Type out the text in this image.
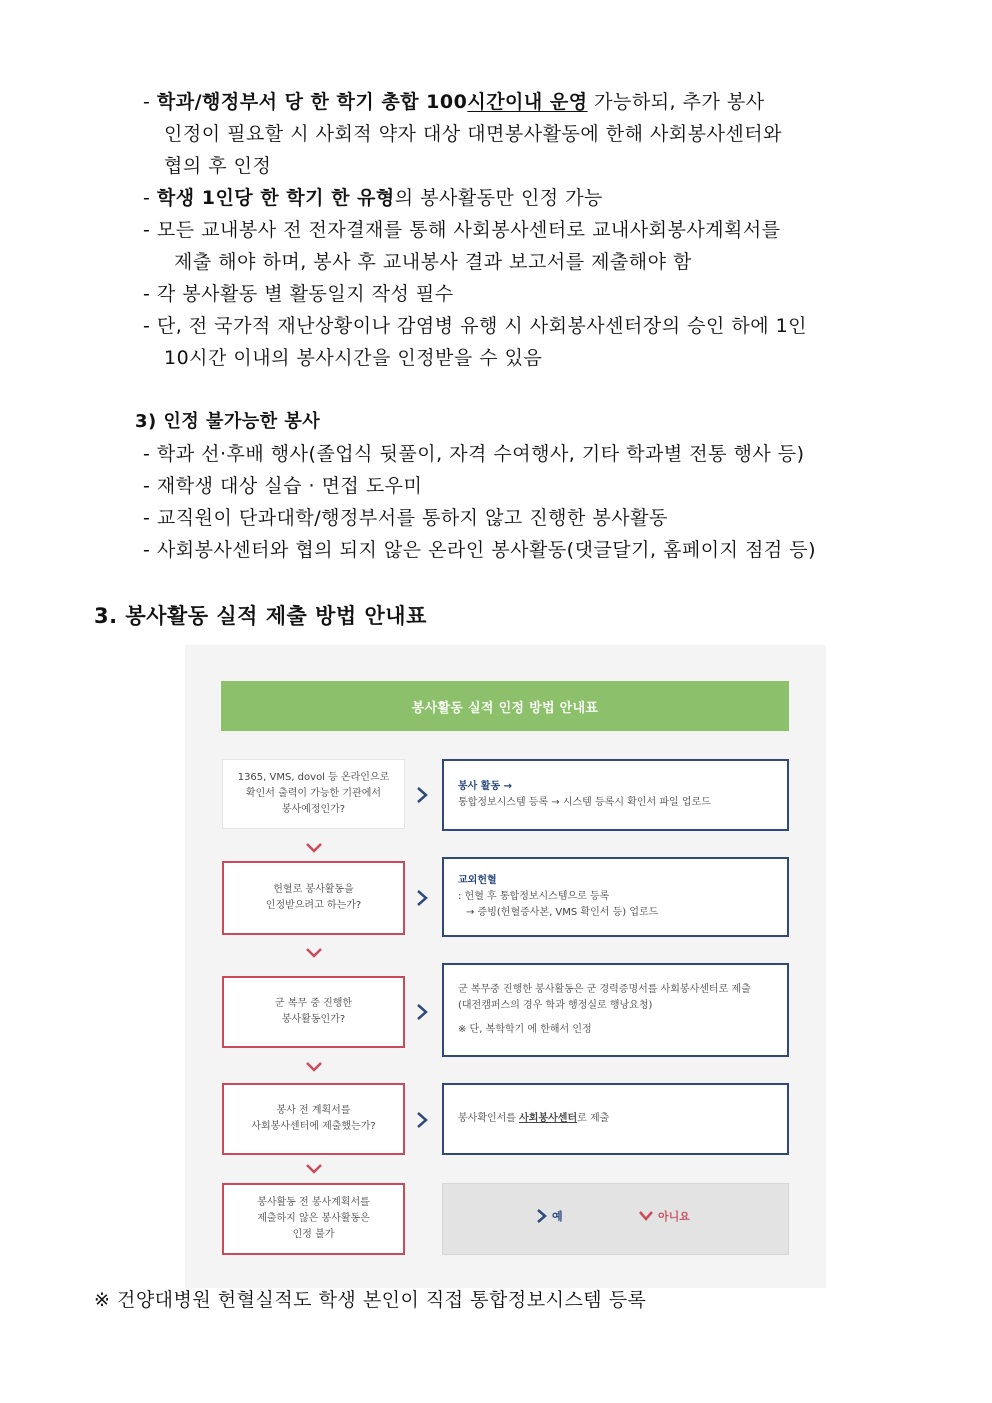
- 학과/행정부서 당 한 학기 총합 100시간이내 운영 가능하되, 추가 봉사
인정이 필요할 시 사회적 약자 대상 대면봉사활동에 한해 사회봉사센터와
협의 후 인정
- 학생 1인당 한 학기 한 유형의 봉사활동만 인정 가능
- 모든 교내봉사 전 전자결재를 통해 사회봉사센터로 교내사회봉사계획서를
제출 해야 하며, 봉사 후 교내봉사 결과 보고서를 제출해야 함
- 각 봉사활동 별 활동일지 작성 필수
- 단, 전 국가적 재난상황이나 감염병 유행 시 사회봉사센터장의 승인 하에 1인
10시간 이내의 봉사시간을 인정받을 수 있음
3) 인정 불가능한 봉사
- 학과 선·후배 행사(졸업식 뒷풀이, 자격 수여행사, 기타 학과별 전통 행사 등)
- 재학생 대상 실습 · 면접 도우미
- 교직원이 단과대학/행정부서를 통하지 않고 진행한 봉사활동
- 사회봉사센터와 협의 되지 않은 온라인 봉사활동(댓글달기, 홈페이지 점검 등)
3. 봉사활동 실적 제출 방법 안내표
봉사활동 실적 인정 방법 안내표
1365, VMS, dovol 등 온라인으로
확인서 출력이 가능한 기관에서
봉사예정인가?
봉사 활동 →
통합정보시스템 등록 → 시스템 등록시 확인서 파일 업로드
헌혈로 봉사활동을
인정받으려고 하는가?
교외헌혈
: 헌혈 후 통합정보시스템으로 등록
→ 증빙(헌혈증사본, VMS 확인서 등) 업로드
군 복무 중 진행한
봉사활동인가?
군 복무중 진행한 봉사활동은 군 경력증명서를 사회봉사센터로 제출
(대전캠퍼스의 경우 학과 행정실로 행낭요청)
※ 단, 복학학기 에 한해서 인정
봉사 전 계획서를
사회봉사센터에 제출했는가?
봉사확인서를 사회봉사센터로 제출
봉사활동 전 봉사계획서를
제출하지 않은 봉사활동은
인정 불가
예	아니요
※ 건양대병원 헌혈실적도 학생 본인이 직접 통합정보시스템 등록
